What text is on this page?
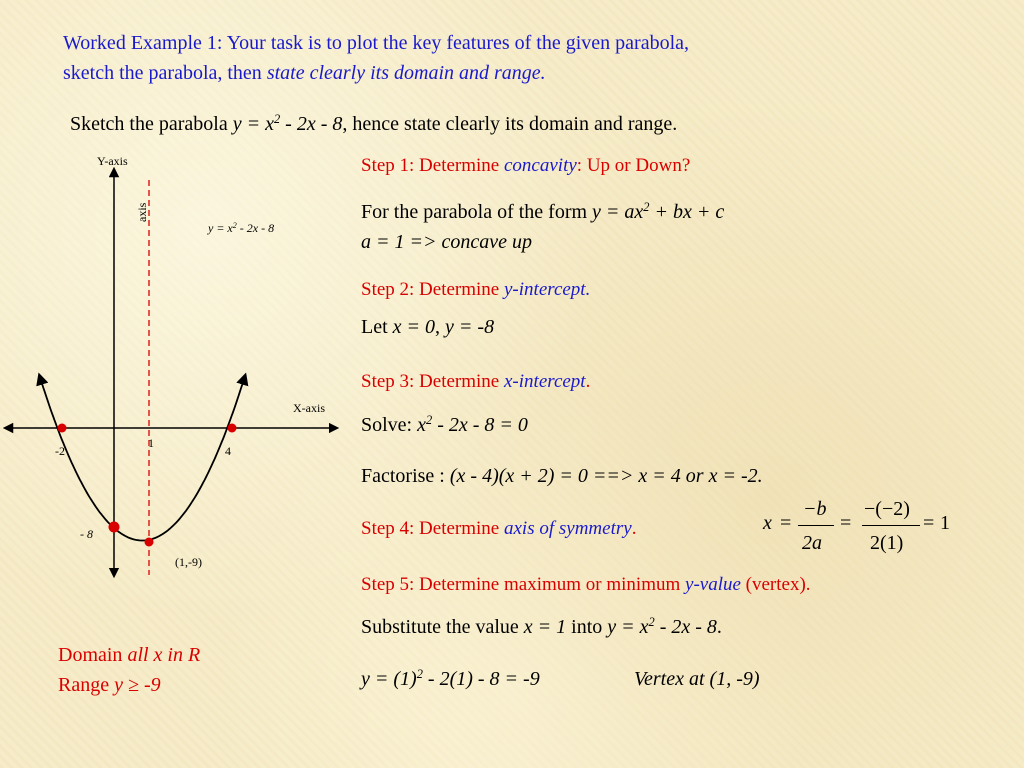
Worked Example 1: Your task is to plot the key features of the given parabola,
sketch the parabola, then state clearly its domain and range.
Sketch the parabola $y = x^2 - 2x - 8$, hence state clearly its domain and range.
Y-axis
X-axis
axis
$y = x^2 - 2x - 8$
-2
1
4
- 8
(1,-9)
Step 1: Determine concavity: Up or Down?
For the parabola of the form $y = ax^2$ + bx + c
a = 1 => concave up
Step 2: Determine y-intercept.
Let x = 0, y = -8
Step 3: Determine x-intercept.
Solve: $x^2 - 2x - 8 = 0$
Factorise : (x - 4)(x + 2) = 0 ==> x = 4 or x = -2.
Step 4: Determine axis of symmetry.	x =
−b
2a
=
−(−2)
2(1)
= 1
Step 5: Determine maximum or minimum y-value (vertex).
Substitute the value x = 1 into $y = x^2 - 2x - 8$.
$y = (1)^2 - 2(1) - 8 = -9$	Vertex at (1, -9)
Domain all x in R
Range y ≥ -9
